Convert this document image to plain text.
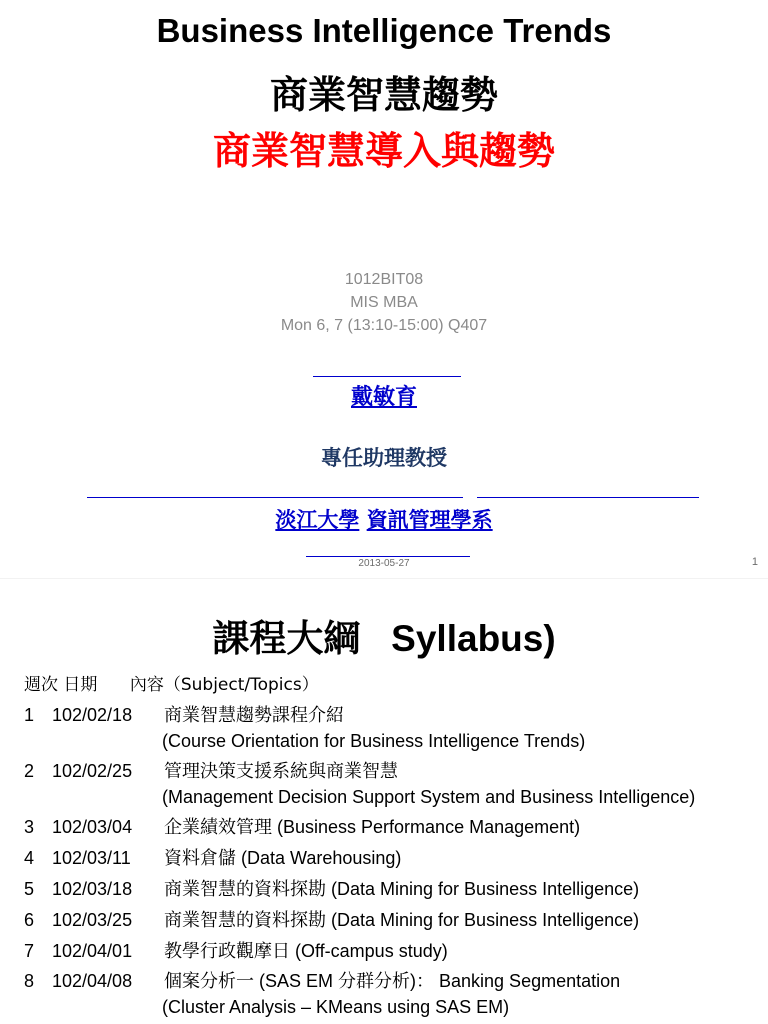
Business Intelligence Trends
商業智慧趨勢
商業智慧導入與趨勢
1012BIT08
MIS MBA
Mon 6, 7 (13:10-15:00) Q407
戴敏育
專任助理教授
淡江大學 資訊管理學系
2013-05-27	1
課程大綱 Syllabus)
週次 日期 內容（Subject/Topics）
1 102/02/18 商業智慧趨勢課程介紹
(Course Orientation for Business Intelligence Trends)
2 102/02/25 管理決策支援系統與商業智慧
(Management Decision Support System and Business Intelligence)
3 102/03/04 企業績效管理 (Business Performance Management)
4 102/03/11 資料倉儲 (Data Warehousing)
5 102/03/18 商業智慧的資料探勘 (Data Mining for Business Intelligence)
6 102/03/25 商業智慧的資料探勘 (Data Mining for Business Intelligence)
7 102/04/01 教學行政觀摩日 (Off-campus study)
8 102/04/08 個案分析一 (SAS EM 分群分析)： Banking Segmentation
(Cluster Analysis – KMeans using SAS EM)
